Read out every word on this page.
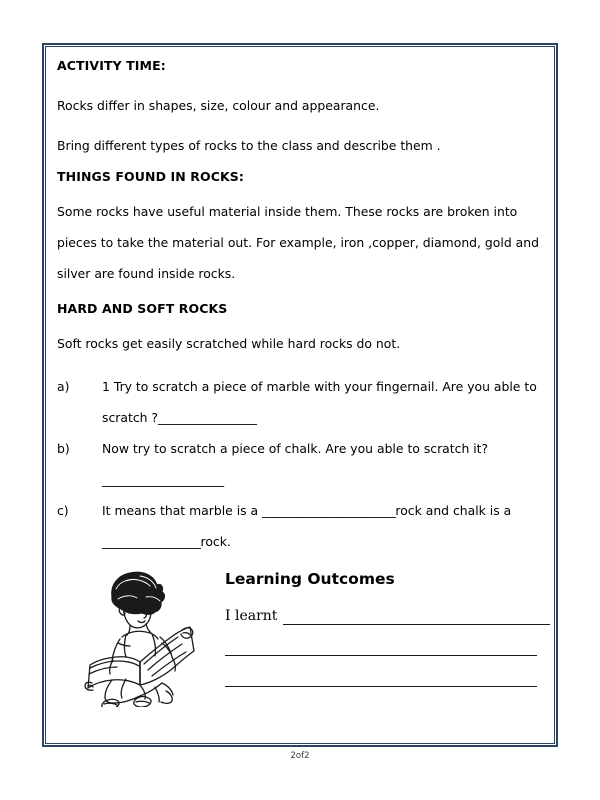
ACTIVITY TIME:
Rocks differ in shapes, size, colour and appearance.
Bring different types of rocks to the class and describe them .
THINGS FOUND IN ROCKS:
Some rocks have useful material inside them. These rocks are broken into pieces to take the material out. For example, iron ,copper, diamond, gold and silver are found inside rocks.
HARD AND SOFT ROCKS
Soft rocks get easily scratched while hard rocks do not.
a)	1 Try to scratch a piece of marble with your fingernail. Are you able to scratch ?_________________
b)	Now try to scratch a piece of chalk. Are you able to scratch it?_____________________
c)	It means that marble is a _______________________rock and chalk is a _________________rock.
Learning Outcomes
I learnt
2of2
